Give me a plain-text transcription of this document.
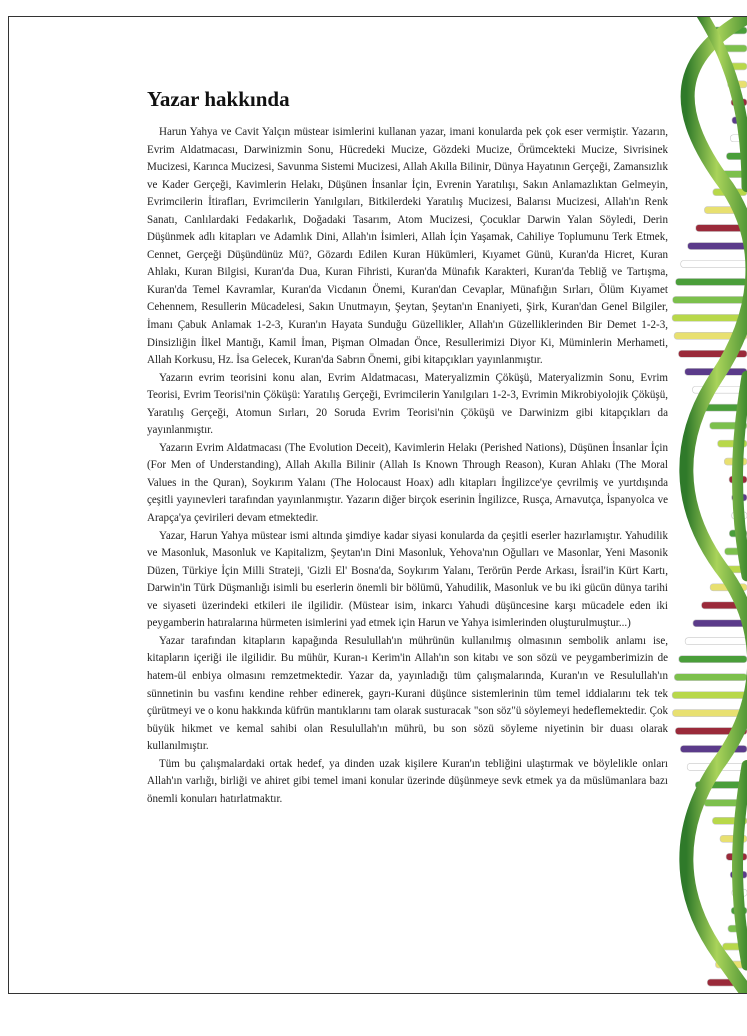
Yazar hakkında

Harun Yahya ve Cavit Yalçın müstear isimlerini kullanan yazar, imani konularda pek çok eser vermiştir. Yazarın, Evrim Aldatmacası, Darwinizmin Sonu, Hücredeki Mucize, Gözdeki Mucize, Örümcekteki Mucize, Sivrisinek Mucizesi, Karınca Mucizesi, Savunma Sistemi Mucizesi, Allah Akılla Bilinir, Dünya Hayatının Gerçeği, Zamansızlık ve Kader Gerçeği, Kavimlerin Helakı, Düşünen İnsanlar İçin, Evrenin Yaratılışı, Sakın Anlamazlıktan Gelmeyin, Evrimcilerin İtirafları, Evrimcilerin Yanılgıları, Bitkilerdeki Yaratılış Mucizesi, Balarısı Mucizesi, Allah'ın Renk Sanatı, Canlılardaki Fedakarlık, Doğadaki Tasarım, Atom Mucizesi, Çocuklar Darwin Yalan Söyledi, Derin Düşünmek adlı kitapları ve Adamlık Dini, Allah'ın İsimleri, Allah İçin Yaşamak, Cahiliye Toplumunu Terk Etmek, Cennet, Gerçeği Düşündünüz Mü?, Gözardı Edilen Kuran Hükümleri, Kıyamet Günü, Kuran'da Hicret, Kuran Ahlakı, Kuran Bilgisi, Kuran'da Dua, Kuran Fihristi, Kuran'da Münafık Karakteri, Kuran'da Tebliğ ve Tartışma, Kuran'da Temel Kavramlar, Kuran'da Vicdanın Önemi, Kuran'dan Cevaplar, Münafığın Sırları, Ölüm Kıyamet Cehennem, Resullerin Mücadelesi, Sakın Unutmayın, Şeytan, Şeytan'ın Enaniyeti, Şirk, Kuran'dan Genel Bilgiler, İmanı Çabuk Anlamak 1-2-3, Kuran'ın Hayata Sunduğu Güzellikler, Allah'ın Güzelliklerinden Bir Demet 1-2-3, Dinsizliğin İlkel Mantığı, Kamil İman, Pişman Olmadan Önce, Resullerimizi Diyor Ki, Müminlerin Merhameti, Allah Korkusu, Hz. İsa Gelecek, Kuran'da Sabrın Önemi, gibi kitapçıkları yayınlanmıştır.

Yazarın evrim teorisini konu alan, Evrim Aldatmacası, Materyalizmin Çöküşü, Materyalizmin Sonu, Evrim Teorisi, Evrim Teorisi'nin Çöküşü: Yaratılış Gerçeği, Evrimcilerin Yanılgıları 1-2-3, Evrimin Mikrobiyolojik Çöküşü, Yaratılış Gerçeği, Atomun Sırları, 20 Soruda Evrim Teorisi'nin Çöküşü ve Darwinizm gibi kitapçıkları da yayınlanmıştır.

Yazarın Evrim Aldatmacası (The Evolution Deceit), Kavimlerin Helakı (Perished Nations), Düşünen İnsanlar İçin (For Men of Understanding), Allah Akılla Bilinir (Allah Is Known Through Reason), Kuran Ahlakı (The Moral Values in the Quran), Soykırım Yalanı (The Holocaust Hoax) adlı kitapları İngilizce'ye çevrilmiş ve yurtdışında çeşitli yayınevleri tarafından yayınlanmıştır. Yazarın diğer birçok eserinin İngilizce, Rusça, Arnavutça, İspanyolca ve Arapça'ya çevirileri devam etmektedir.

Yazar, Harun Yahya müstear ismi altında şimdiye kadar siyasi konularda da çeşitli eserler hazırlamıştır. Yahudilik ve Masonluk, Masonluk ve Kapitalizm, Şeytan'ın Dini Masonluk, Yehova'nın Oğulları ve Masonlar, Yeni Masonik Düzen, Türkiye İçin Milli Strateji, 'Gizli El' Bosna'da, Soykırım Yalanı, Terörün Perde Arkası, İsrail'in Kürt Kartı, Darwin'in Türk Düşmanlığı isimli bu eserlerin önemli bir bölümü, Yahudilik, Masonluk ve bu iki gücün dünya tarihi ve siyaseti üzerindeki etkileri ile ilgilidir. (Müstear isim, inkarcı Yahudi düşüncesine karşı mücadele eden iki peygamberin hatıralarına hürmeten isimlerini yad etmek için Harun ve Yahya isimlerinden oluşturulmuştur...)

Yazar tarafından kitapların kapağında Resulullah'ın mührünün kullanılmış olmasının sembolik anlamı ise, kitapların içeriği ile ilgilidir. Bu mühür, Kuran-ı Kerim'in Allah'ın son kitabı ve son sözü ve peygamberimizin de hatem-ül enbiya olmasını remzetmektedir. Yazar da, yayınladığı tüm çalışmalarında, Kuran'ın ve Resulullah'ın sünnetinin bu vasfını kendine rehber edinerek, gayrı-Kurani düşünce sistemlerinin tüm temel iddialarını tek tek çürütmeyi ve o konu hakkında küfrün mantıklarını tam olarak susturacak "son söz"ü söylemeyi hedeflemektedir. Çok büyük hikmet ve kemal sahibi olan Resulullah'ın mührü, bu son sözü söyleme niyetinin bir duası olarak kullanılmıştır.

Tüm bu çalışmalardaki ortak hedef, ya dinden uzak kişilere Kuran'ın tebliğini ulaştırmak ve böylelikle onları Allah'ın varlığı, birliği ve ahiret gibi temel imani konular üzerinde düşünmeye sevk etmek ya da müslümanlara bazı önemli konuları hatırlatmaktır.
